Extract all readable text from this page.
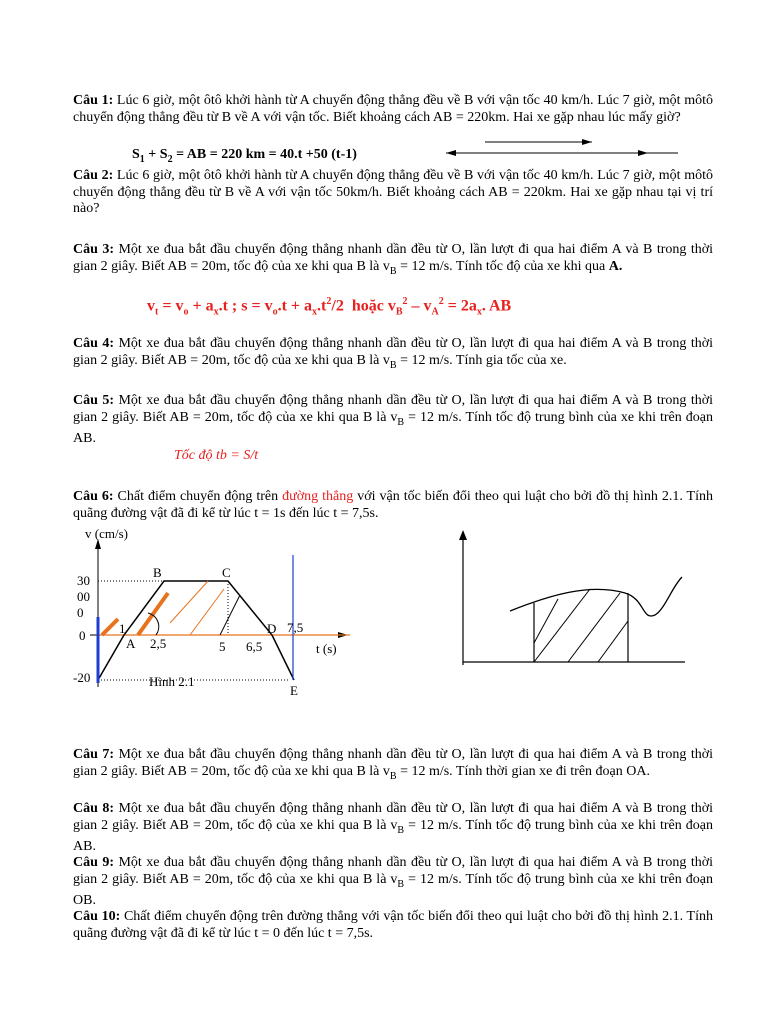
Câu 1: Lúc 6 giờ, một ôtô khởi hành từ A chuyển động thẳng đều về B với vận tốc 40 km/h. Lúc 7 giờ, một môtô chuyển động thẳng đều từ B về A với vận tốc. Biết khoảng cách AB = 220km. Hai xe gặp nhau lúc mấy giờ?
$S_1 + S_2$ = AB = 220 km = 40.t +50 (t-1)
Câu 2: Lúc 6 giờ, một ôtô khởi hành từ A chuyển động thẳng đều về B với vận tốc 40 km/h. Lúc 7 giờ, một môtô chuyển động thẳng đều từ B về A với vận tốc 50km/h. Biết khoảng cách AB = 220km. Hai xe gặp nhau tại vị trí nào?
Câu 3: Một xe đua bắt đầu chuyển động thẳng nhanh dần đều từ O, lần lượt đi qua hai điểm A và B trong thời gian 2 giây. Biết AB = 20m, tốc độ của xe khi qua B là $v_B = 12$ m/s. Tính tốc độ của xe khi qua A.
$v_t = v_o + a_x.t$ ; $s = v_o.t + a_x.t^2/2$  hoặc $v_B^2 - v_A^2 = 2a_x$. AB
Câu 4: Một xe đua bắt đầu chuyển động thẳng nhanh dần đều từ O, lần lượt đi qua hai điểm A và B trong thời gian 2 giây. Biết AB = 20m, tốc độ của xe khi qua B là $v_B = 12$ m/s. Tính gia tốc của xe.
Câu 5: Một xe đua bắt đầu chuyển động thẳng nhanh dần đều từ O, lần lượt đi qua hai điểm A và B trong thời gian 2 giây. Biết AB = 20m, tốc độ của xe khi qua B là $v_B = 12$ m/s. Tính tốc độ trung bình của xe khi trên đoạn AB.
Tốc độ tb = S/t
Câu 6: Chất điểm chuyển động trên đường thẳng với vận tốc biến đổi theo qui luật cho bởi đồ thị hình 2.1. Tính quãng đường vật đã đi kể từ lúc t = 1s đến lúc t = 7,5s.
v (cm/s)
t (s)
30
00
0
0
-20
1
2,5	5 6,5
7,5
A
B	C
D
E
Hình 2.1
Câu 7: Một xe đua bắt đầu chuyển động thẳng nhanh dần đều từ O, lần lượt đi qua hai điểm A và B trong thời gian 2 giây. Biết AB = 20m, tốc độ của xe khi qua B là $v_B = 12$ m/s. Tính thời gian xe đi trên đoạn OA.
Câu 8: Một xe đua bắt đầu chuyển động thẳng nhanh dần đều từ O, lần lượt đi qua hai điểm A và B trong thời gian 2 giây. Biết AB = 20m, tốc độ của xe khi qua B là $v_B = 12$ m/s. Tính tốc độ trung bình của xe khi trên đoạn AB.
Câu 9: Một xe đua bắt đầu chuyển động thẳng nhanh dần đều từ O, lần lượt đi qua hai điểm A và B trong thời gian 2 giây. Biết AB = 20m, tốc độ của xe khi qua B là $v_B = 12$ m/s. Tính tốc độ trung bình của xe khi trên đoạn OB.
Câu 10: Chất điểm chuyển động trên đường thẳng với vận tốc biến đổi theo qui luật cho bởi đồ thị hình 2.1. Tính quãng đường vật đã đi kể từ lúc t = 0 đến lúc t = 7,5s.
